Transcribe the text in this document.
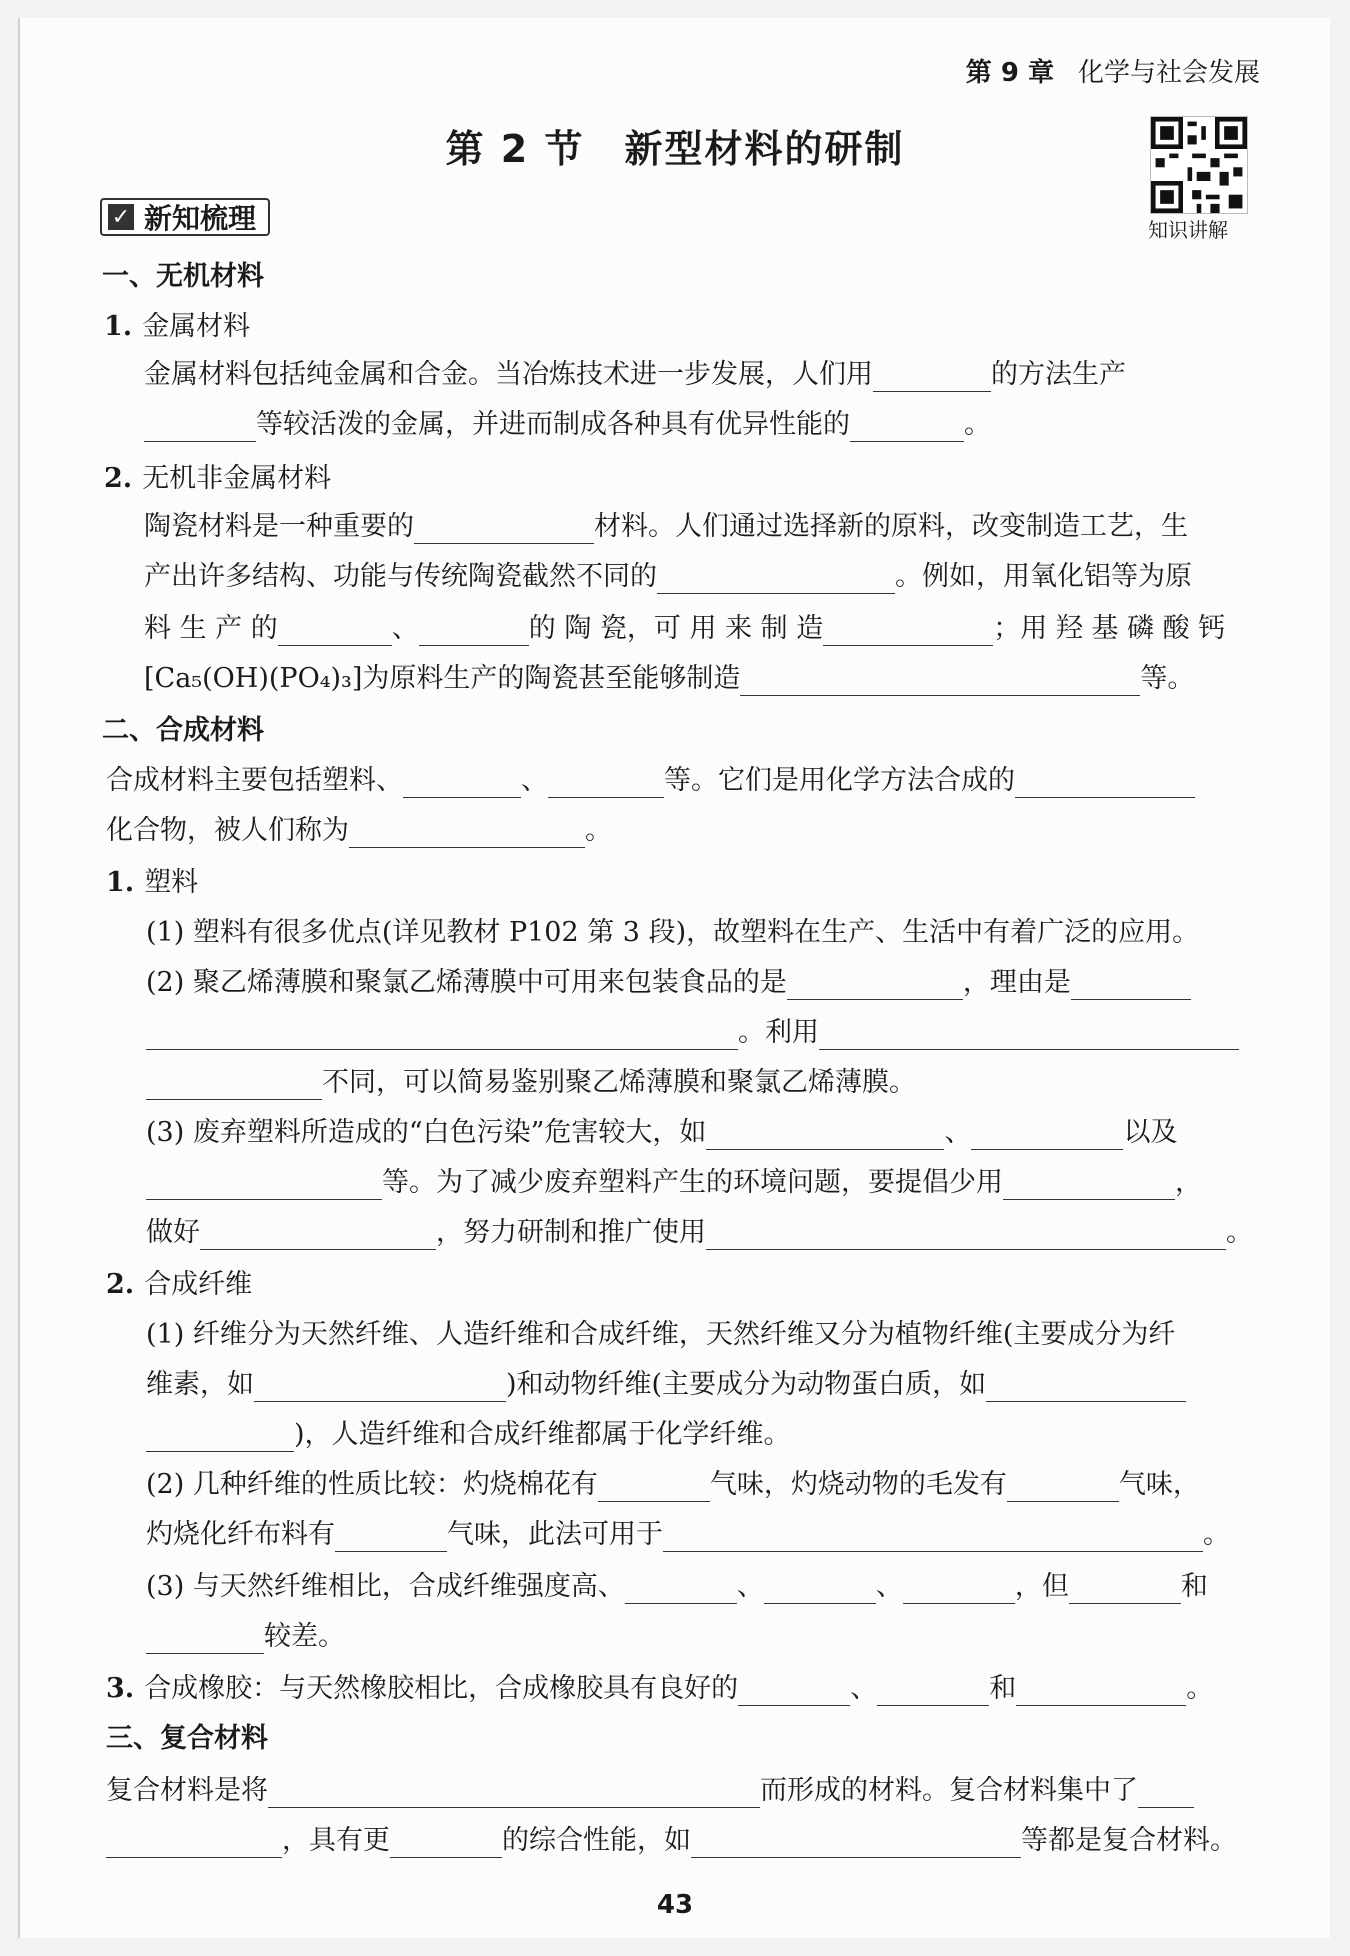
第 9 章 化学与社会发展
第 2 节　新型材料的研制
知识讲解
✓ 新知梳理
一、无机材料
1. 金属材料
金属材料包括纯金属和合金。当冶炼技术进一步发展，人们用	的方法生产
等较活泼的金属，并进而制成各种具有优异性能的	。
2. 无机非金属材料
陶瓷材料是一种重要的	材料。人们通过选择新的原料，改变制造工艺，生
产出许多结构、功能与传统陶瓷截然不同的	。例如，用氧化铝等为原
料 生 产 的	、	的 陶 瓷，可 用 来 制 造	；用 羟 基 磷 酸 钙
[Ca₅(OH)(PO₄)₃]为原料生产的陶瓷甚至能够制造	等。
二、合成材料
合成材料主要包括塑料、	、	等。它们是用化学方法合成的
化合物，被人们称为	。
1. 塑料
(1) 塑料有很多优点(详见教材 P102 第 3 段)，故塑料在生产、生活中有着广泛的应用。
(2) 聚乙烯薄膜和聚氯乙烯薄膜中可用来包装食品的是	，理由是
。利用
不同，可以简易鉴别聚乙烯薄膜和聚氯乙烯薄膜。
(3) 废弃塑料所造成的“白色污染”危害较大，如	、	以及
等。为了减少废弃塑料产生的环境问题，要提倡少用	，
做好	，努力研制和推广使用	。
2. 合成纤维
(1) 纤维分为天然纤维、人造纤维和合成纤维，天然纤维又分为植物纤维(主要成分为纤
维素，如	)和动物纤维(主要成分为动物蛋白质，如
)，人造纤维和合成纤维都属于化学纤维。
(2) 几种纤维的性质比较：灼烧棉花有	气味，灼烧动物的毛发有	气味，
灼烧化纤布料有	气味，此法可用于	。
(3) 与天然纤维相比，合成纤维强度高、	、	、	，但	和
较差。
3. 合成橡胶：与天然橡胶相比，合成橡胶具有良好的	、	和	。
三、复合材料
复合材料是将	而形成的材料。复合材料集中了
，具有更	的综合性能，如	等都是复合材料。
43
